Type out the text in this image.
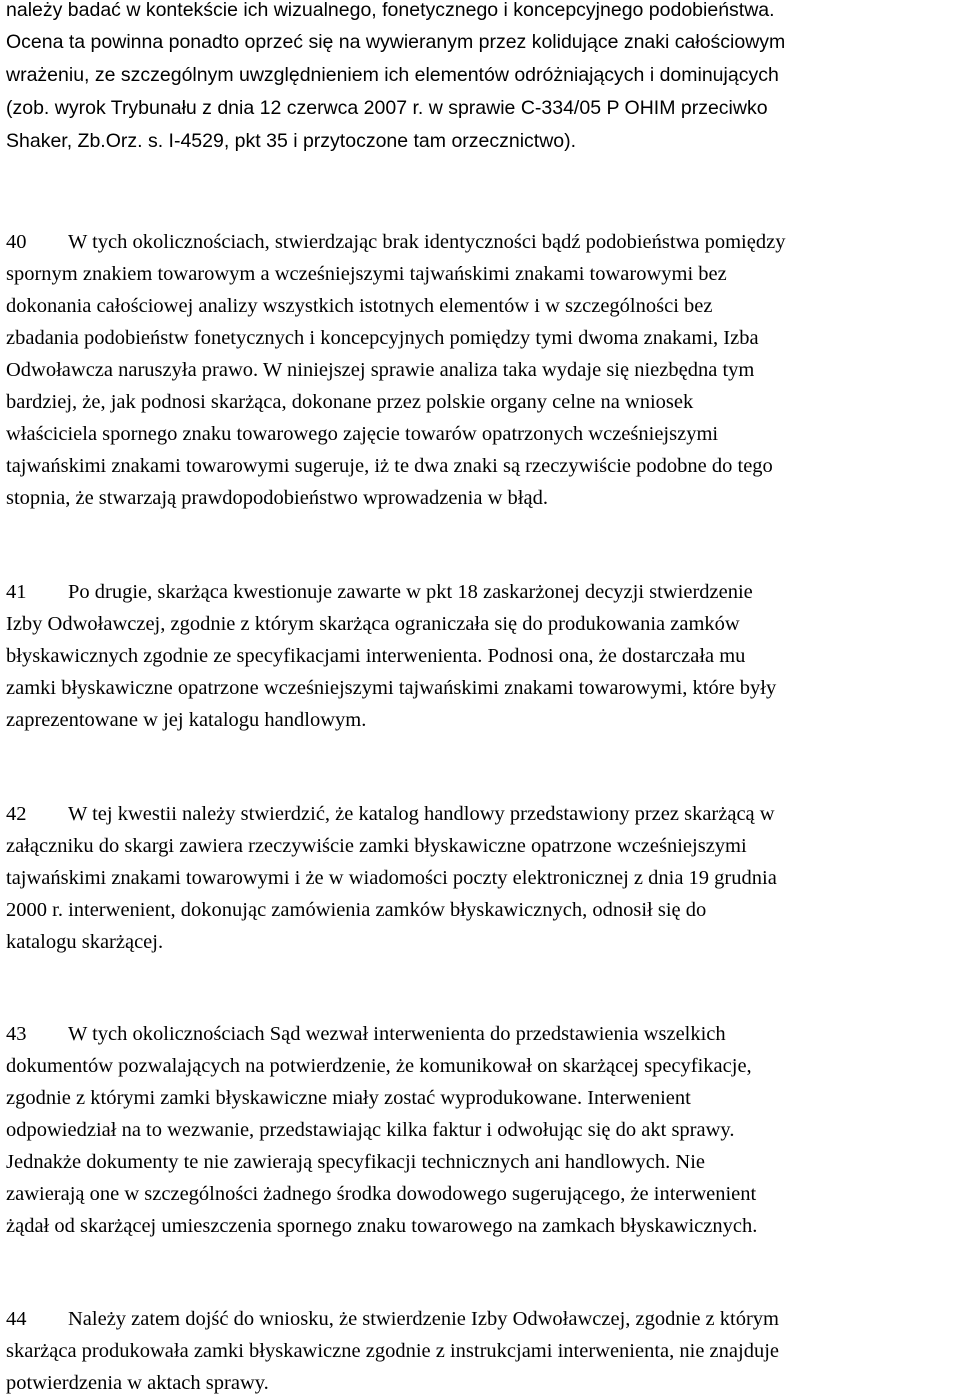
należy badać w kontekście ich wizualnego, fonetycznego i koncepcyjnego podobieństwa.
Ocena ta powinna ponadto oprzeć się na wywieranym przez kolidujące znaki całościowym
wrażeniu, ze szczególnym uwzględnieniem ich elementów odróżniających i dominujących
(zob. wyrok Trybunału z dnia 12 czerwca 2007 r. w sprawie C‑334/05 P OHIM przeciwko
Shaker, Zb.Orz. s. I‑4529, pkt 35 i przytoczone tam orzecznictwo).
40 W tych okolicznościach, stwierdzając brak identyczności bądź podobieństwa pomiędzy
spornym znakiem towarowym a wcześniejszymi tajwańskimi znakami towarowymi bez
dokonania całościowej analizy wszystkich istotnych elementów i w szczególności bez
zbadania podobieństw fonetycznych i koncepcyjnych pomiędzy tymi dwoma znakami, Izba
Odwoławcza naruszyła prawo. W niniejszej sprawie analiza taka wydaje się niezbędna tym
bardziej, że, jak podnosi skarżąca, dokonane przez polskie organy celne na wniosek
właściciela spornego znaku towarowego zajęcie towarów opatrzonych wcześniejszymi
tajwańskimi znakami towarowymi sugeruje, iż te dwa znaki są rzeczywiście podobne do tego
stopnia, że stwarzają prawdopodobieństwo wprowadzenia w błąd.
41 Po drugie, skarżąca kwestionuje zawarte w pkt 18 zaskarżonej decyzji stwierdzenie
Izby Odwoławczej, zgodnie z którym skarżąca ograniczała się do produkowania zamków
błyskawicznych zgodnie ze specyfikacjami interwenienta. Podnosi ona, że dostarczała mu
zamki błyskawiczne opatrzone wcześniejszymi tajwańskimi znakami towarowymi, które były
zaprezentowane w jej katalogu handlowym.
42 W tej kwestii należy stwierdzić, że katalog handlowy przedstawiony przez skarżącą w
załączniku do skargi zawiera rzeczywiście zamki błyskawiczne opatrzone wcześniejszymi
tajwańskimi znakami towarowymi i że w wiadomości poczty elektronicznej z dnia 19 grudnia
2000 r. interwenient, dokonując zamówienia zamków błyskawicznych, odnosił się do
katalogu skarżącej.
43 W tych okolicznościach Sąd wezwał interwenienta do przedstawienia wszelkich
dokumentów pozwalających na potwierdzenie, że komunikował on skarżącej specyfikacje,
zgodnie z którymi zamki błyskawiczne miały zostać wyprodukowane. Interwenient
odpowiedział na to wezwanie, przedstawiając kilka faktur i odwołując się do akt sprawy.
Jednakże dokumenty te nie zawierają specyfikacji technicznych ani handlowych. Nie
zawierają one w szczególności żadnego środka dowodowego sugerującego, że interwenient
żądał od skarżącej umieszczenia spornego znaku towarowego na zamkach błyskawicznych.
44 Należy zatem dojść do wniosku, że stwierdzenie Izby Odwoławczej, zgodnie z którym
skarżąca produkowała zamki błyskawiczne zgodnie z instrukcjami interwenienta, nie znajduje
potwierdzenia w aktach sprawy.
